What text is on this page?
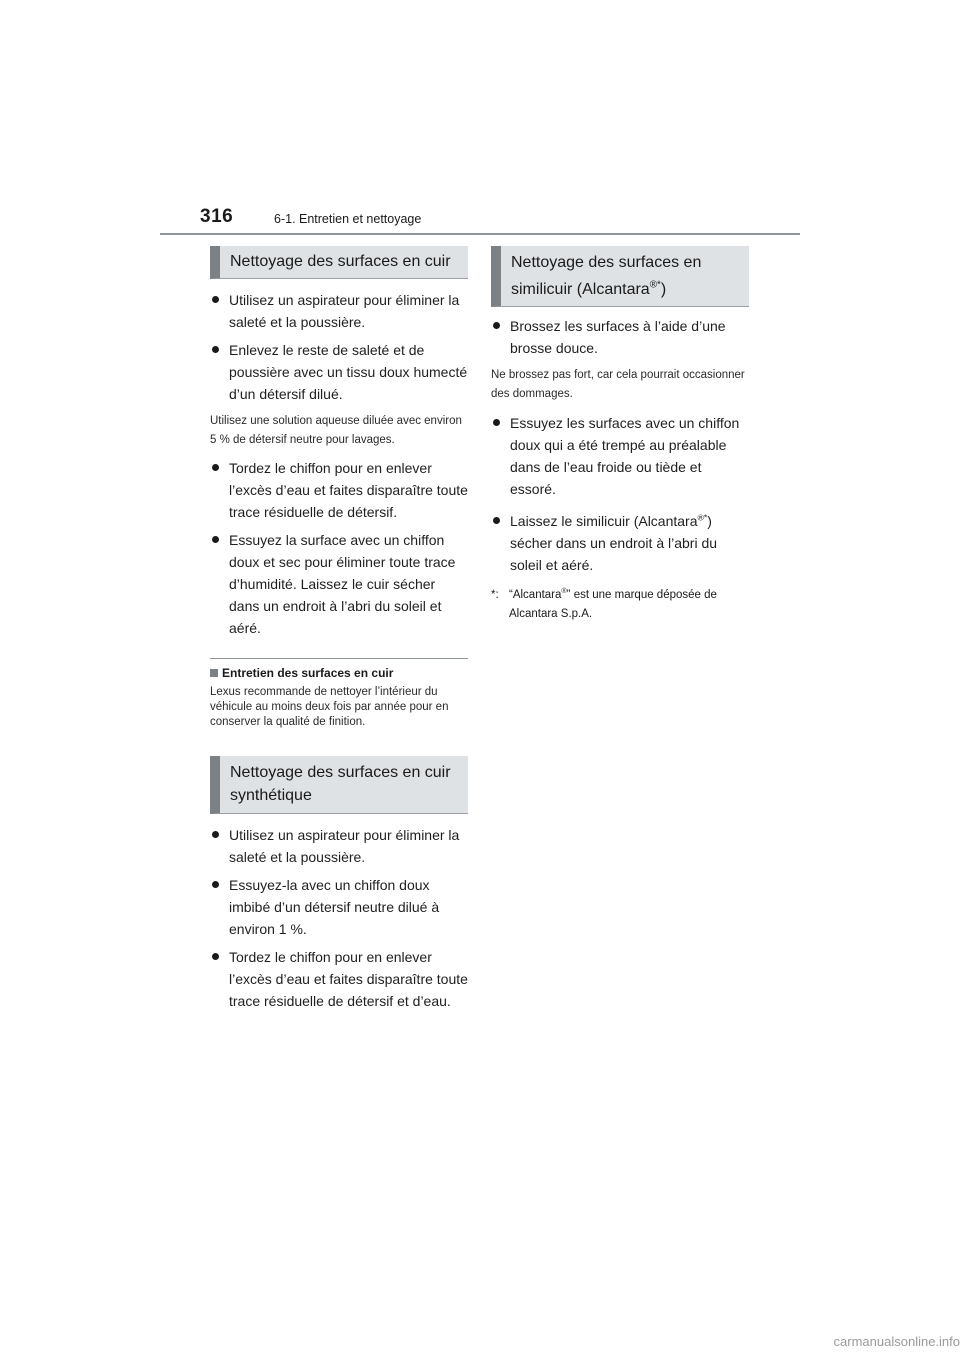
316	6-1. Entretien et nettoyage
Nettoyage des surfaces en cuir
Utilisez un aspirateur pour éliminer la saleté et la poussière.
Enlevez le reste de saleté et de poussière avec un tissu doux humecté d’un détersif dilué.
Utilisez une solution aqueuse diluée avec environ 5 % de détersif neutre pour lavages.
Tordez le chiffon pour en enlever l’excès d’eau et faites disparaître toute trace résiduelle de détersif.
Essuyez la surface avec un chiffon doux et sec pour éliminer toute trace d’humidité. Laissez le cuir sécher dans un endroit à l’abri du soleil et aéré.
Entretien des surfaces en cuir
Lexus recommande de nettoyer l’intérieur du véhicule au moins deux fois par année pour en conserver la qualité de finition.
Nettoyage des surfaces en cuir synthétique
Utilisez un aspirateur pour éliminer la saleté et la poussière.
Essuyez-la avec un chiffon doux imbibé d’un détersif neutre dilué à environ 1 %.
Tordez le chiffon pour en enlever l’excès d’eau et faites disparaître toute trace résiduelle de détersif et d’eau.
Nettoyage des surfaces en similicuir (Alcantara®*)
Brossez les surfaces à l’aide d’une brosse douce.
Ne brossez pas fort, car cela pourrait occasionner des dommages.
Essuyez les surfaces avec un chiffon doux qui a été trempé au préalable dans de l’eau froide ou tiède et essoré.
Laissez le similicuir (Alcantara®*) sécher dans un endroit à l’abri du soleil et aéré.
*: “Alcantara®” est une marque déposée de Alcantara S.p.A.
carmanualsonline.info
